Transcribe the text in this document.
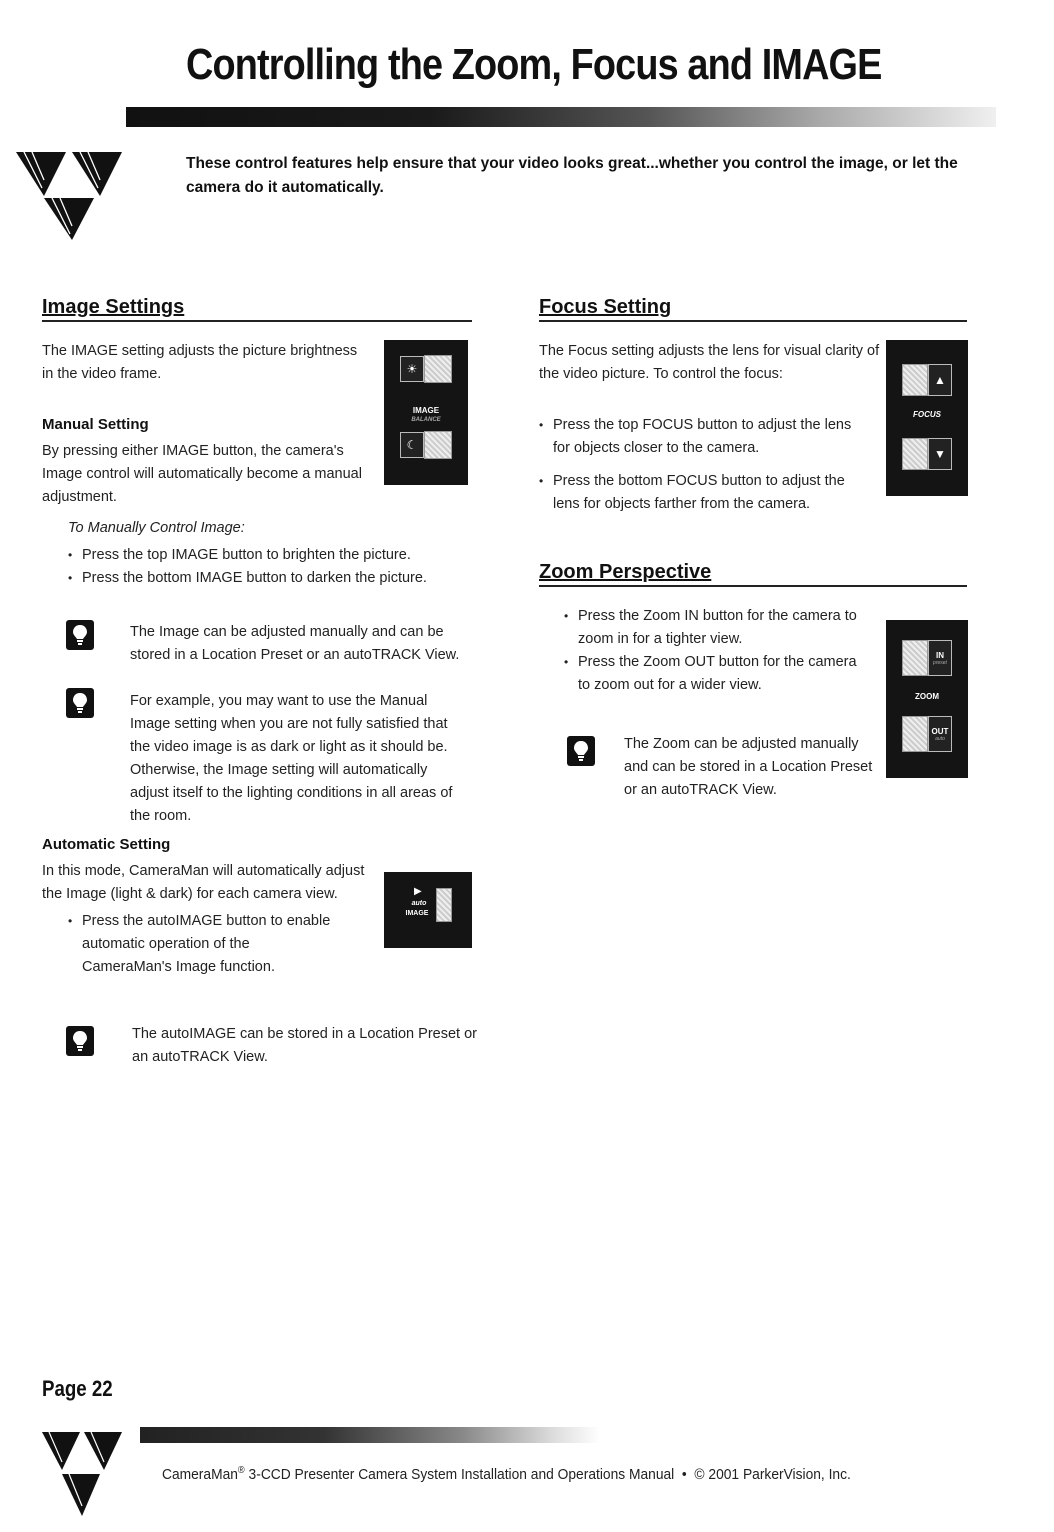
Controlling the Zoom, Focus and IMAGE
These control features help ensure that your video looks great...whether you control the image, or let the camera do it automatically.
Image Settings
The IMAGE setting adjusts the picture brightness in the video frame.	☀
IMAGE
BALANCE
☾
Manual Setting
By pressing either IMAGE button, the camera's Image control will automatically become a manual adjustment.
To Manually Control Image:
• Press the top IMAGE button to brighten the picture.
• Press the bottom IMAGE button to darken the picture.
The Image can be adjusted manually and can be stored in a Location Preset or an autoTRACK View.
For example, you may want to use the Manual Image setting when you are not fully satisfied that the video image is as dark or light as it should be. Otherwise, the Image setting will automatically adjust itself to the lighting conditions in all areas of the room.
Automatic Setting
In this mode, CameraMan will automatically adjust the Image (light & dark) for each camera view.
• Press the autoIMAGE button to enable automatic operation of the CameraMan's Image function.
▶
auto
IMAGE
The autoIMAGE can be stored in a Location Preset or an autoTRACK View.
Focus Setting
The Focus setting adjusts the lens for visual clarity of the video picture. To control the focus:
• Press the top FOCUS button to adjust the lens for objects closer to the camera.
• Press the bottom FOCUS button to adjust the lens for objects farther from the camera.
▲
FOCUS
▼
Zoom Perspective
• Press the Zoom IN button for the camera to zoom in for a tighter view.
• Press the Zoom OUT button for the camera to zoom out for a wider view.
IN
preset
ZOOM
OUT
auto
The Zoom can be adjusted manually and can be stored in a Location Preset or an autoTRACK View.
Page 22
CameraMan® 3-CCD Presenter Camera System Installation and Operations Manual  •  © 2001 ParkerVision, Inc.
